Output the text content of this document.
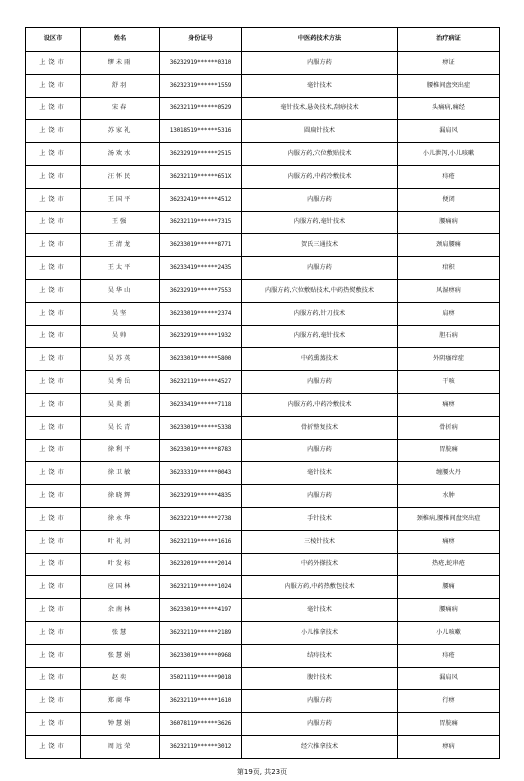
设区市	姓名	身份证号	中医药技术方法	治疗病证
上饶市	缪未雨	36232919******0310	内服方药	痹证
上饶市	舒羽	36232319******1559	毫针技术	腰椎间盘突出症
上饶市	宋春	36232119******0529	毫针技术,悬灸技术,刮痧技术	头痛病,痛经
上饶市	苏家礼	13018519******5316	圆扁针技术	漏肩风
上饶市	汤欢水	36232919******2515	内服方药,穴位敷贴技术	小儿泄泻,小儿咳嗽
上饶市	汪怀民	36232119******651X	内服方药,中药冷敷技术	痔疮
上饶市	王国平	36232419******4512	内服方药	便闭
上饶市	王强	36232119******7315	内服方药,毫针技术	腰痛病
上饶市	王清龙	36233019******8771	贺氏三通技术	颈肩腰痛
上饶市	王太平	36233419******2435	内服方药	疳积
上饶市	吴华山	36232919******7553	内服方药,穴位敷贴技术,中药热熨敷技术	风湿痹病
上饶市	吴坚	36233019******2374	内服方药,针刀技术	肩痹
上饶市	吴帅	36232919******1932	内服方药,毫针技术	胆石病
上饶市	吴苏英	36233019******5800	中药熏蒸技术	外阴瘙痒症
上饶市	吴秀岳	36232119******4527	内服方药	干咳
上饶市	吴炎新	36233419******7118	内服方药,中药冷敷技术	痛痹
上饶市	吴长青	36233019******5338	骨折整复技术	骨折病
上饶市	徐利平	36233019******8783	内服方药	胃脘痛
上饶市	徐卫敏	36233319******0043	毫针技术	缠腰火丹
上饶市	徐晓辉	36232919******4835	内服方药	水肿
上饶市	徐永华	36232219******2738	手针技术	颈椎病,腰椎间盘突出症
上饶市	叶礼河	36232119******1616	三棱针技术	痛痹
上饶市	叶发标	36232019******2014	中药外搽技术	热疮,蛇串疮
上饶市	应国林	36232119******1024	内服方药,中药热敷包技术	腰痛
上饶市	余南林	36233019******4197	毫针技术	腰痛病
上饶市	张慧	36232119******2189	小儿推拿技术	小儿咳嗽
上饶市	张慧娟	36233019******0968	结痔技术	痔疮
上饶市	赵奕	35021119******9018	腹针技术	漏肩风
上饶市	郑商华	36232119******1610	内服方药	行痹
上饶市	钟慧娟	36078119******3626	内服方药	胃脘痛
上饶市	周远荣	36232119******3012	经穴推拿技术	痹病
第19页, 共23页
